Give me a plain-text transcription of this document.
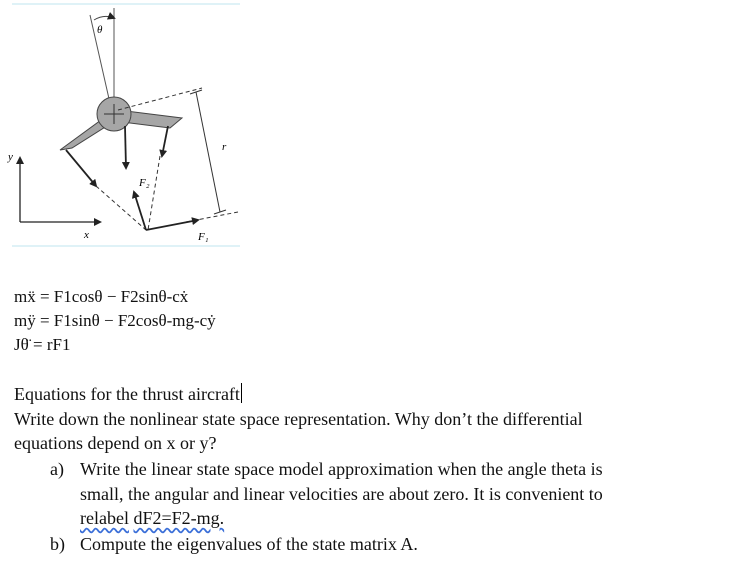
θ
y
x
r
F₂
F₁
mẍ = F1cosθ − F2sinθ-cẋ
mÿ = F1sinθ − F2cosθ-mg-cẏ
Jθ̈ = rF1
Equations for the thrust aircraft
Write down the nonlinear state space representation. Why don’t the differential
equations depend on x or y?
a) Write the linear state space model approximation when the angle theta is
small, the angular and linear velocities are about zero. It is convenient to
relabel dF2=F2-mg.
b) Compute the eigenvalues of the state matrix A.
